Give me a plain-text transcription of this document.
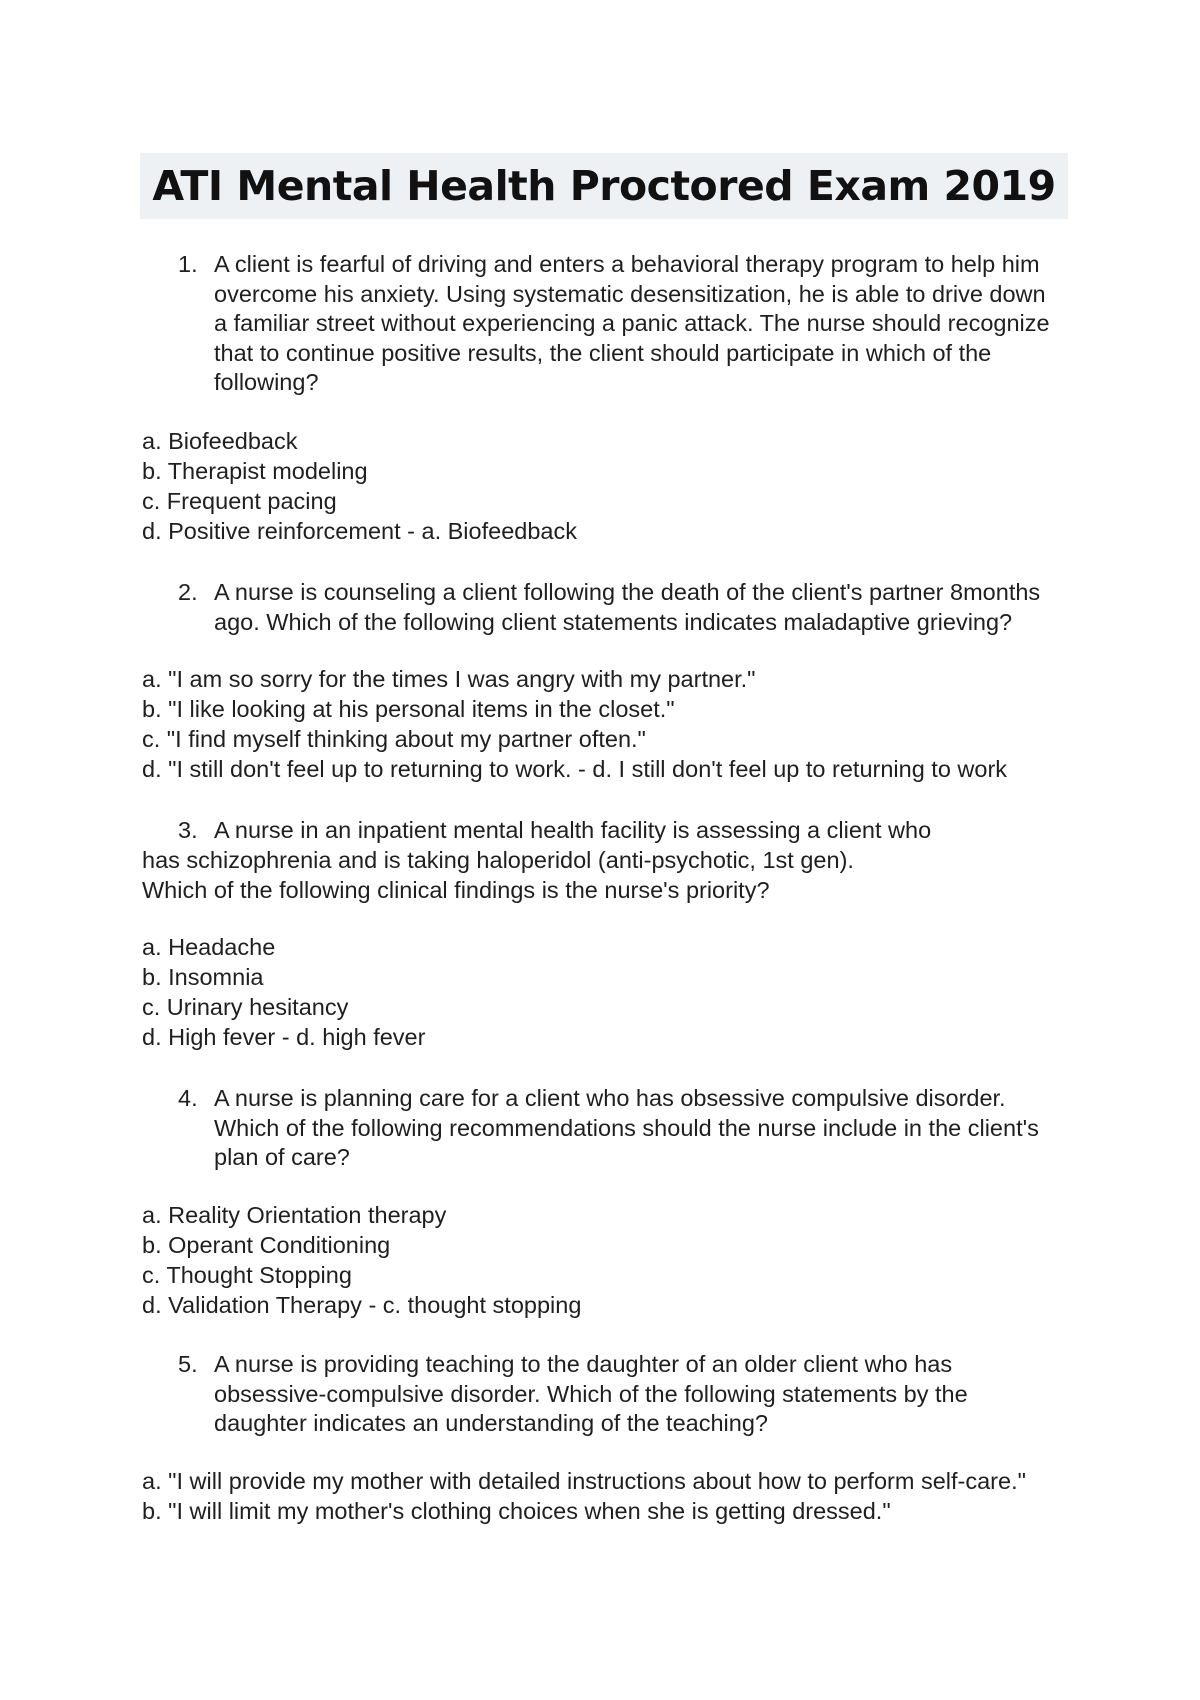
ATI Mental Health Proctored Exam 2019
1. A client is fearful of driving and enters a behavioral therapy program to help him
overcome his anxiety. Using systematic desensitization, he is able to drive down
a familiar street without experiencing a panic attack. The nurse should recognize
that to continue positive results, the client should participate in which of the
following?
a. Biofeedback
b. Therapist modeling
c. Frequent pacing
d. Positive reinforcement - a. Biofeedback
2. A nurse is counseling a client following the death of the client's partner 8months
ago. Which of the following client statements indicates maladaptive grieving?
a. "I am so sorry for the times I was angry with my partner."
b. "I like looking at his personal items in the closet."
c. "I find myself thinking about my partner often."
d. "I still don't feel up to returning to work. - d. I still don't feel up to returning to work
3. A nurse in an inpatient mental health facility is assessing a client who
has schizophrenia and is taking haloperidol (anti-psychotic, 1st gen).
Which of the following clinical findings is the nurse's priority?
a. Headache
b. Insomnia
c. Urinary hesitancy
d. High fever - d. high fever
4. A nurse is planning care for a client who has obsessive compulsive disorder.
Which of the following recommendations should the nurse include in the client's
plan of care?
a. Reality Orientation therapy
b. Operant Conditioning
c. Thought Stopping
d. Validation Therapy - c. thought stopping
5. A nurse is providing teaching to the daughter of an older client who has
obsessive-compulsive disorder. Which of the following statements by the
daughter indicates an understanding of the teaching?
a. "I will provide my mother with detailed instructions about how to perform self-care."
b. "I will limit my mother's clothing choices when she is getting dressed."
